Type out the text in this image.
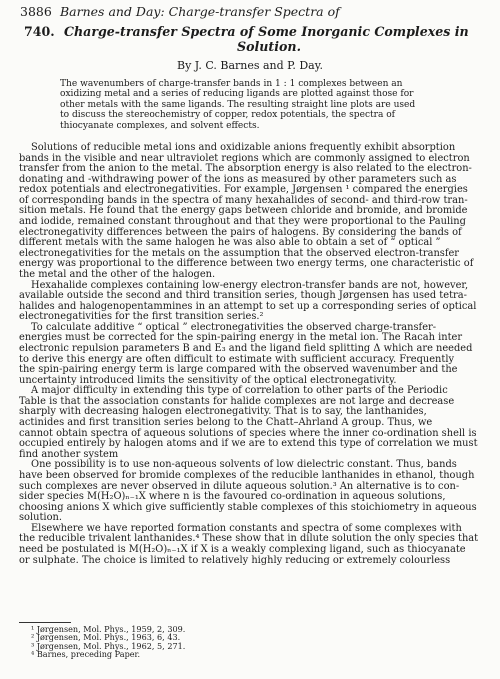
3886 Barnes and Day: Charge-transfer Spectra of
740. Charge-transfer Spectra of Some Inorganic Complexes in
Solution.
By J. C. Barnes and P. Day.
The wavenumbers of charge-transfer bands in 1 : 1 complexes between an
oxidizing metal and a series of reducing ligands are plotted against those for
other metals with the same ligands. The resulting straight line plots are used
to discuss the stereochemistry of copper, redox potentials, the spectra of
thiocyanate complexes, and solvent effects.
Solutions of reducible metal ions and oxidizable anions frequently exhibit absorption
bands in the visible and near ultraviolet regions which are commonly assigned to electron
transfer from the anion to the metal. The absorption energy is also related to the electron-
donating and -withdrawing power of the ions as measured by other parameters such as
redox potentials and electronegativities. For example, Jørgensen ¹ compared the energies
of corresponding bands in the spectra of many hexahalides of second- and third-row tran-
sition metals. He found that the energy gaps between chloride and bromide, and bromide
and iodide, remained constant throughout and that they were proportional to the Pauling
electronegativity differences between the pairs of halogens. By considering the bands of
different metals with the same halogen he was also able to obtain a set of “ optical ”
electronegativities for the metals on the assumption that the observed electron-transfer
energy was proportional to the difference between two energy terms, one characteristic of
the metal and the other of the halogen.
Hexahalide complexes containing low-energy electron-transfer bands are not, however,
available outside the second and third transition series, though Jørgensen has used tetra-
halides and halogenopentammines in an attempt to set up a corresponding series of optical
electronegativities for the first transition series.²
To calculate additive “ optical ” electronegativities the observed charge-transfer-
energies must be corrected for the spin-pairing energy in the metal ion. The Racah inter
electronic repulsion parameters B and E₃ and the ligand field splitting Δ which are needed
to derive this energy are often difficult to estimate with sufficient accuracy. Frequently
the spin-pairing energy term is large compared with the observed wavenumber and the
uncertainty introduced limits the sensitivity of the optical electronegativity.
A major difficulty in extending this type of correlation to other parts of the Periodic
Table is that the association constants for halide complexes are not large and decrease
sharply with decreasing halogen electronegativity. That is to say, the lanthanides,
actinides and first transition series belong to the Chatt–Ahrland A group. Thus, we
cannot obtain spectra of aqueous solutions of species where the inner co-ordination shell is
occupied entirely by halogen atoms and if we are to extend this type of correlation we must
find another system
One possibility is to use non-aqueous solvents of low dielectric constant. Thus, bands
have been observed for bromide complexes of the reducible lanthanides in ethanol, though
such complexes are never observed in dilute aqueous solution.³ An alternative is to con-
sider species M(H₂O)ₙ₋₁X where n is the favoured co-ordination in aqueous solutions,
choosing anions X which give sufficiently stable complexes of this stoichiometry in aqueous
solution.
Elsewhere we have reported formation constants and spectra of some complexes with
the reducible trivalent lanthanides.⁴ These show that in dilute solution the only species that
need be postulated is M(H₂O)ₙ₋₁X if X is a weakly complexing ligand, such as thiocyanate
or sulphate. The choice is limited to relatively highly reducing or extremely colourless
¹ Jørgensen, Mol. Phys., 1959, 2, 309.
² Jørgensen, Mol. Phys., 1963, 6, 43.
³ Jørgensen, Mol. Phys., 1962, 5, 271.
⁴ Barnes, preceding Paper.
